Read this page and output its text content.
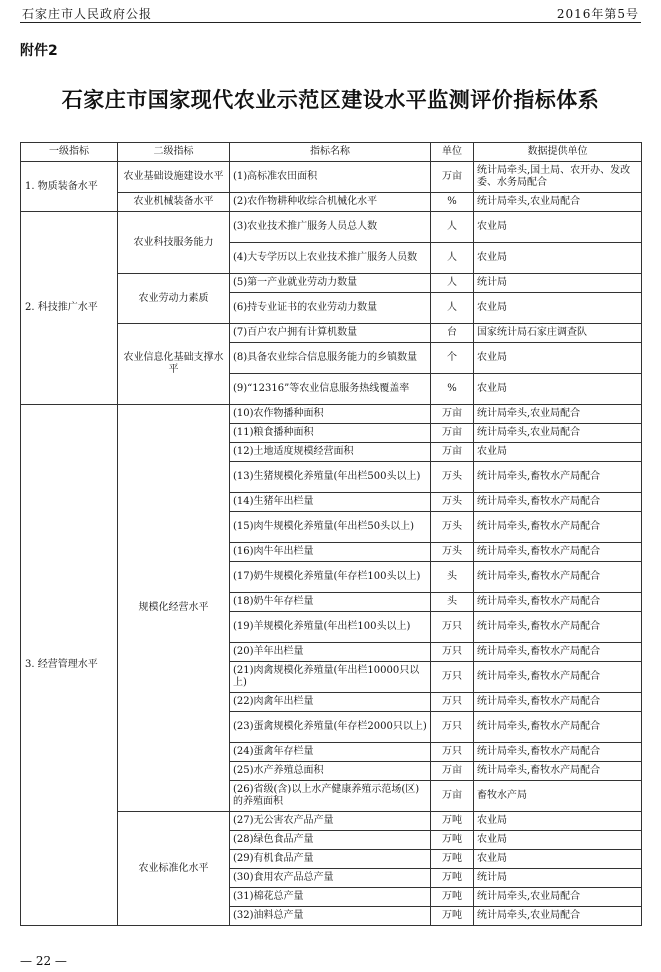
石家庄市人民政府公报	2016年第5号
附件2
石家庄市国家现代农业示范区建设水平监测评价指标体系
一级指标	二级指标	指标名称	单位	数据提供单位
1. 物质装备水平	农业基础设施建设水平	(1)高标准农田面积	万亩	统计局牵头,国土局、农开办、发改委、水务局配合
	农业机械装备水平	(2)农作物耕种收综合机械化水平	%	统计局牵头,农业局配合
2. 科技推广水平	农业科技服务能力	(3)农业技术推广服务人员总人数	人	农业局
		(4)大专学历以上农业技术推广服务人员数	人	农业局
	农业劳动力素质	(5)第一产业就业劳动力数量	人	统计局
		(6)持专业证书的农业劳动力数量	人	农业局
	农业信息化基础支撑水平	(7)百户农户拥有计算机数量	台	国家统计局石家庄调查队
		(8)具备农业综合信息服务能力的乡镇数量	个	农业局
		(9)“12316”等农业信息服务热线覆盖率	%	农业局
3. 经营管理水平	规模化经营水平	(10)农作物播种面积	万亩	统计局牵头,农业局配合
		(11)粮食播种面积	万亩	统计局牵头,农业局配合
		(12)土地适度规模经营面积	万亩	农业局
		(13)生猪规模化养殖量(年出栏500头以上)	万头	统计局牵头,畜牧水产局配合
		(14)生猪年出栏量	万头	统计局牵头,畜牧水产局配合
		(15)肉牛规模化养殖量(年出栏50头以上)	万头	统计局牵头,畜牧水产局配合
		(16)肉牛年出栏量	万头	统计局牵头,畜牧水产局配合
		(17)奶牛规模化养殖量(年存栏100头以上)	头	统计局牵头,畜牧水产局配合
		(18)奶牛年存栏量	头	统计局牵头,畜牧水产局配合
		(19)羊规模化养殖量(年出栏100头以上)	万只	统计局牵头,畜牧水产局配合
		(20)羊年出栏量	万只	统计局牵头,畜牧水产局配合
		(21)肉禽规模化养殖量(年出栏10000只以上)	万只	统计局牵头,畜牧水产局配合
		(22)肉禽年出栏量	万只	统计局牵头,畜牧水产局配合
		(23)蛋禽规模化养殖量(年存栏2000只以上)	万只	统计局牵头,畜牧水产局配合
		(24)蛋禽年存栏量	万只	统计局牵头,畜牧水产局配合
		(25)水产养殖总面积	万亩	统计局牵头,畜牧水产局配合
		(26)省级(含)以上水产健康养殖示范场(区)的养殖面积	万亩	畜牧水产局
	农业标准化水平	(27)无公害农产品产量	万吨	农业局
		(28)绿色食品产量	万吨	农业局
		(29)有机食品产量	万吨	农业局
		(30)食用农产品总产量	万吨	统计局
		(31)棉花总产量	万吨	统计局牵头,农业局配合
		(32)油料总产量	万吨	统计局牵头,农业局配合
— 22 —
